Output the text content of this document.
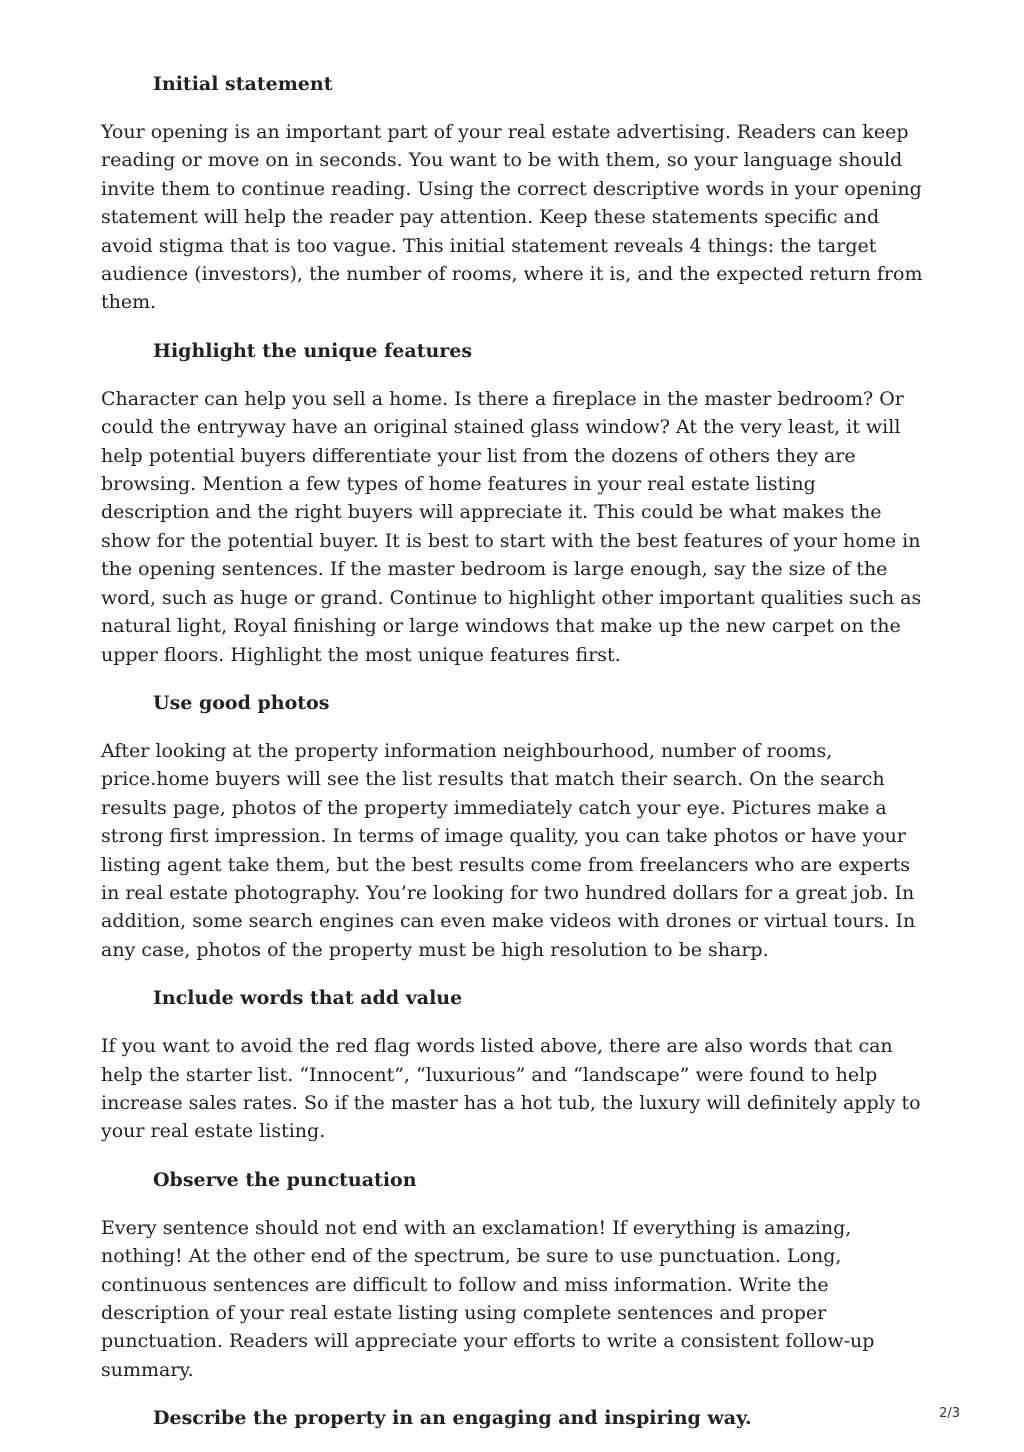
Initial statement

Your opening is an important part of your real estate advertising. Readers can keep reading or move on in seconds. You want to be with them, so your language should invite them to continue reading. Using the correct descriptive words in your opening statement will help the reader pay attention. Keep these statements specific and avoid stigma that is too vague. This initial statement reveals 4 things: the target audience (investors), the number of rooms, where it is, and the expected return from them.

Highlight the unique features

Character can help you sell a home. Is there a fireplace in the master bedroom? Or could the entryway have an original stained glass window? At the very least, it will help potential buyers differentiate your list from the dozens of others they are browsing. Mention a few types of home features in your real estate listing description and the right buyers will appreciate it. This could be what makes the show for the potential buyer. It is best to start with the best features of your home in the opening sentences. If the master bedroom is large enough, say the size of the word, such as huge or grand. Continue to highlight other important qualities such as natural light, Royal finishing or large windows that make up the new carpet on the upper floors. Highlight the most unique features first.

Use good photos

After looking at the property information neighbourhood, number of rooms, price.home buyers will see the list results that match their search. On the search results page, photos of the property immediately catch your eye. Pictures make a strong first impression. In terms of image quality, you can take photos or have your listing agent take them, but the best results come from freelancers who are experts in real estate photography. You’re looking for two hundred dollars for a great job. In addition, some search engines can even make videos with drones or virtual tours. In any case, photos of the property must be high resolution to be sharp.

Include words that add value

If you want to avoid the red flag words listed above, there are also words that can help the starter list. “Innocent”, “luxurious” and “landscape” were found to help increase sales rates. So if the master has a hot tub, the luxury will definitely apply to your real estate listing.

Observe the punctuation

Every sentence should not end with an exclamation! If everything is amazing, nothing! At the other end of the spectrum, be sure to use punctuation. Long, continuous sentences are difficult to follow and miss information. Write the description of your real estate listing using complete sentences and proper punctuation. Readers will appreciate your efforts to write a consistent follow-up summary.

Describe the property in an engaging and inspiring way.	2/3
